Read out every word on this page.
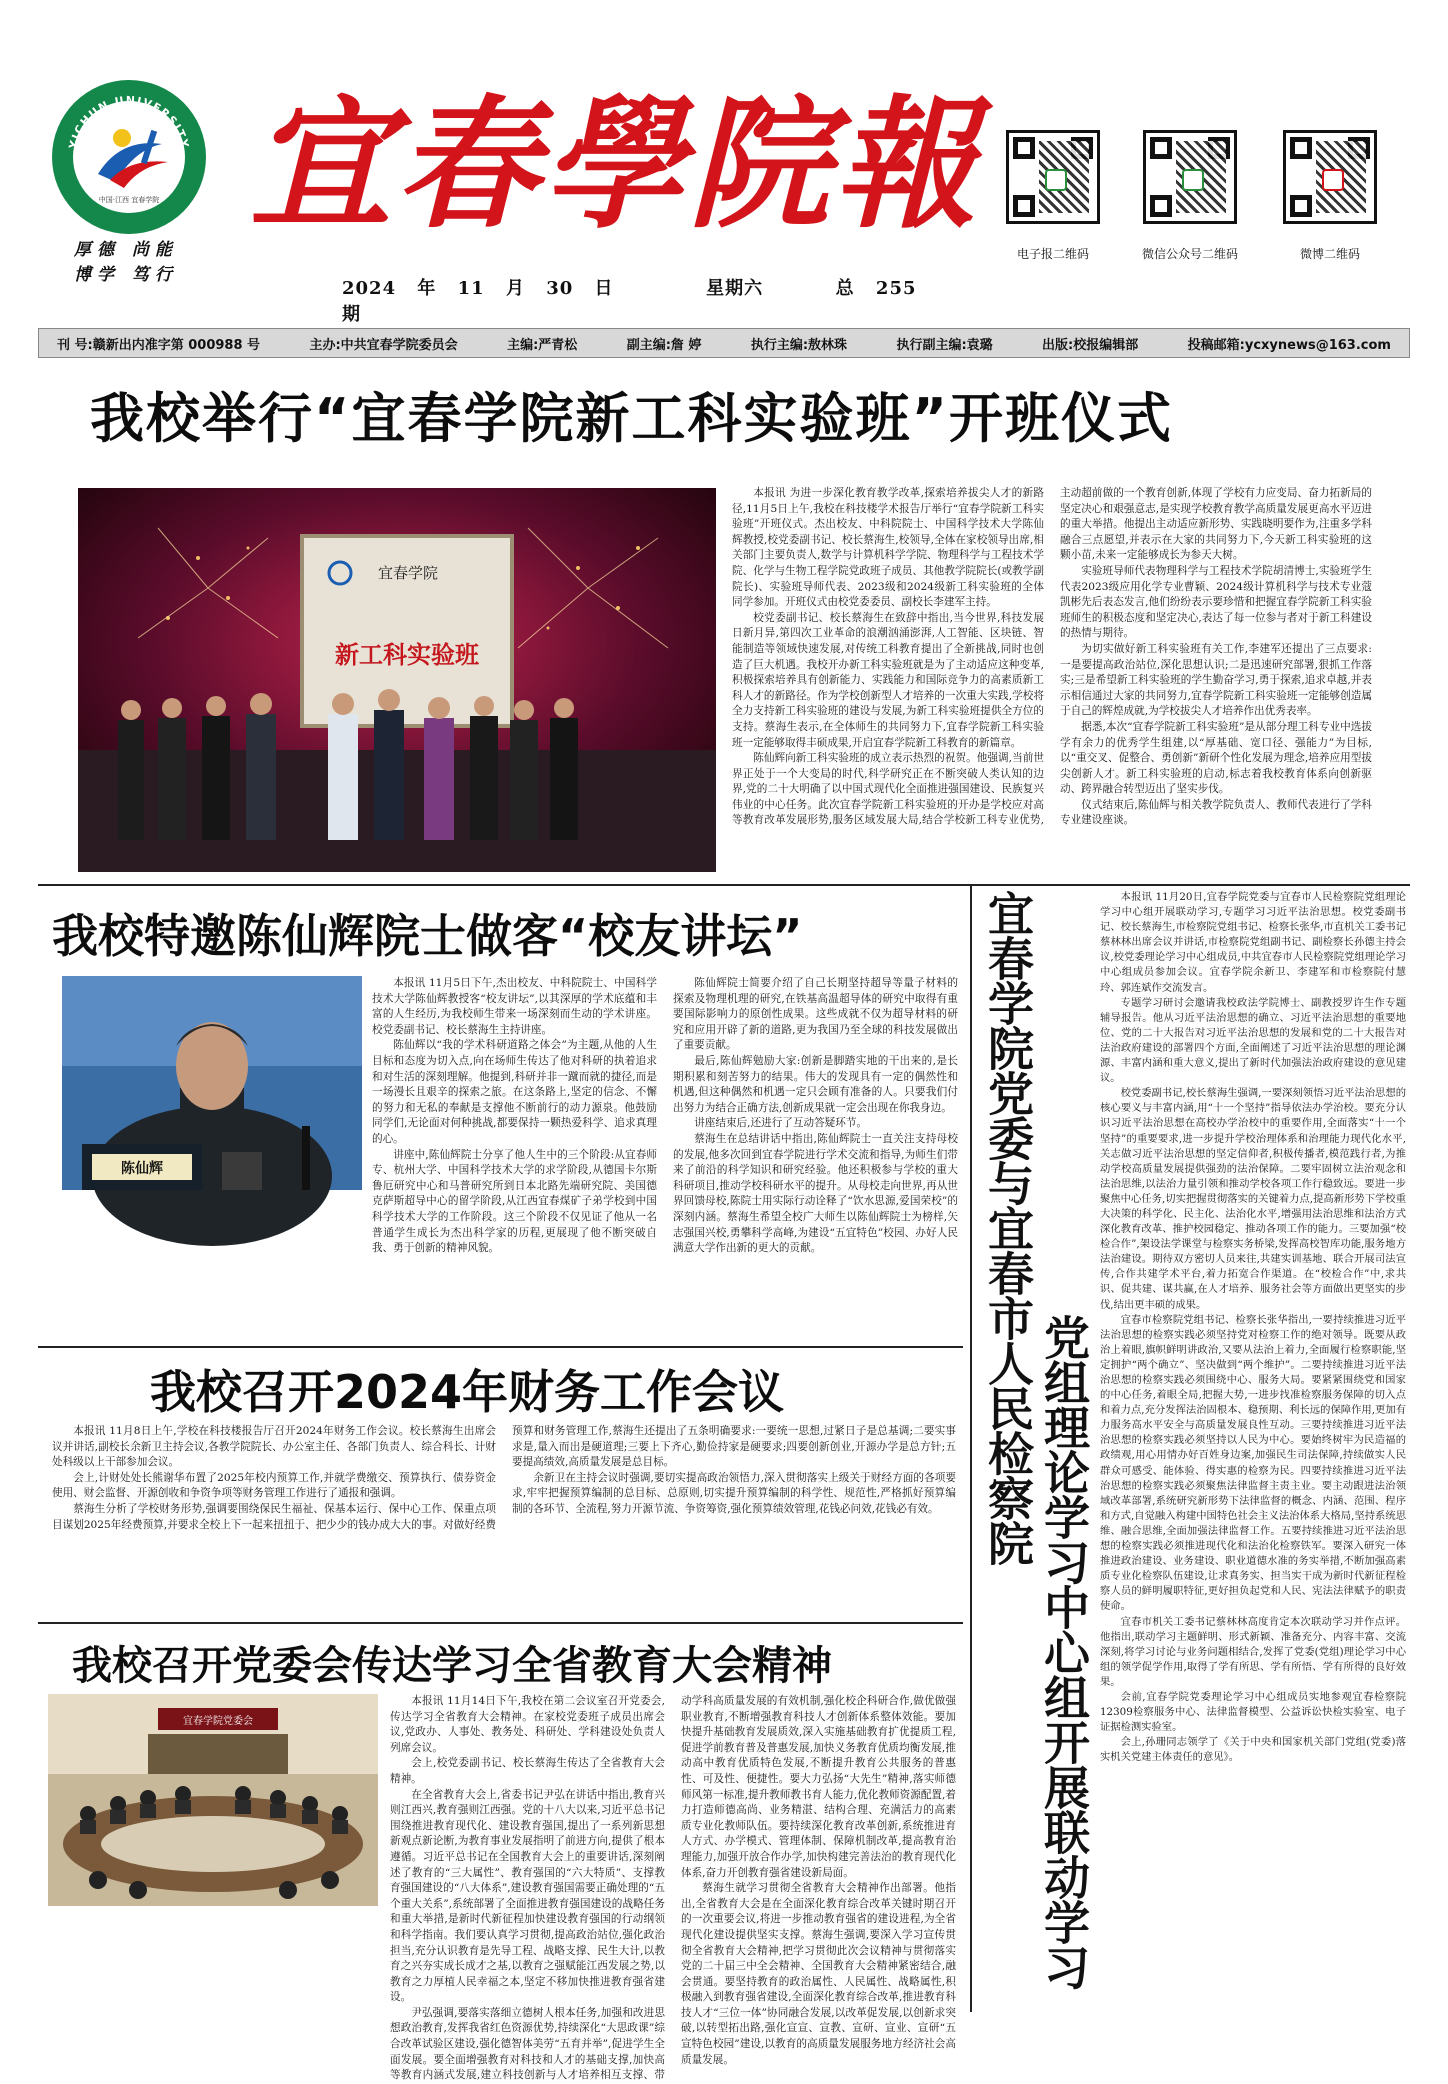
YICHUN UNIVERSITY
中国·江西 宜春学院
厚德 尚能
博学 笃行
宜春學院報
2024 年 11 月 30 日	星期六	总 255 期
电子报二维码	微信公众号二维码	微博二维码
刊 号:赣新出内准字第 000988 号	主办:中共宜春学院委员会	主编:严青松	副主编:詹 婷	执行主编:敖林珠	执行副主编:袁璐	出版:校报编辑部	投稿邮箱:ycxynews@163.com
我校举行“宜春学院新工科实验班”开班仪式
宜春学院
新工科实验班

本报讯 为进一步深化教育教学改革,探索培养拔尖人才的新路径,11月5日上午,我校在科技楼学术报告厅举行“宜春学院新工科实验班”开班仪式。杰出校友、中科院院士、中国科学技术大学陈仙辉教授,校党委副书记、校长蔡海生,校领导,全体在家校领导出席,相关部门主要负责人,数学与计算机科学学院、物理科学与工程技术学院、化学与生物工程学院党政班子成员、其他教学院院长(或教学副院长)、实验班导师代表、2023级和2024级新工科实验班的全体同学参加。开班仪式由校党委委员、副校长李建军主持。

校党委副书记、校长蔡海生在致辞中指出,当今世界,科技发展日新月异,第四次工业革命的浪潮汹涌澎湃,人工智能、区块链、智能制造等领域快速发展,对传统工科教育提出了全新挑战,同时也创造了巨大机遇。我校开办新工科实验班就是为了主动适应这种变革,积极探索培养具有创新能力、实践能力和国际竞争力的高素质新工科人才的新路径。作为学校创新型人才培养的一次重大实践,学校将全力支持新工科实验班的建设与发展,为新工科实验班提供全方位的支持。蔡海生表示,在全体师生的共同努力下,宜春学院新工科实验班一定能够取得丰硕成果,开启宜春学院新工科教育的新篇章。

陈仙辉向新工科实验班的成立表示热烈的祝贺。他强调,当前世界正处于一个大变局的时代,科学研究正在不断突破人类认知的边界,党的二十大明确了以中国式现代化全面推进强国建设、民族复兴伟业的中心任务。此次宜春学院新工科实验班的开办是学校应对高等教育改革发展形势,服务区域发展大局,结合学校新工科专业优势,主动超前做的一个教育创新,体现了学校有力应变局、奋力拓新局的坚定决心和艰强意志,是实现学校教育教学高质量发展更高水平迈进的重大举措。他提出主动适应新形势、实践晓明要作为,注重多学科融合三点愿望,并表示在大家的共同努力下,今天新工科实验班的这颗小苗,未来一定能够成长为参天大树。

实验班导师代表物理科学与工程技术学院胡清博士,实验班学生代表2023级应用化学专业曹颖、2024级计算机科学与技术专业蔻凯彬先后表态发言,他们纷纷表示要珍惜和把握宜春学院新工科实验班师生的积极态度和坚定决心,表达了每一位参与者对于新工科建设的热情与期待。

为切实做好新工科实验班有关工作,李建军还提出了三点要求:一是要提高政治站位,深化思想认识;二是迅速研究部署,狠抓工作落实;三是希望新工科实验班的学生勤奋学习,勇于探索,追求卓越,并表示相信通过大家的共同努力,宜春学院新工科实验班一定能够创造属于自己的辉煌成就,为学校拔尖人才培养作出优秀表率。

据悉,本次“宜春学院新工科实验班”是从部分理工科专业中选拔学有余力的优秀学生组建,以“厚基础、宽口径、强能力”为目标,以“重交叉、促整合、勇创新”新研个性化发展为理念,培养应用型拔尖创新人才。新工科实验班的启动,标志着我校教育体系向创新驱动、跨界融合转型迈出了坚实步伐。

仪式结束后,陈仙辉与相关教学院负责人、教师代表进行了学科专业建设座谈。

我校特邀陈仙辉院士做客“校友讲坛”
陈仙辉

本报讯 11月5日下午,杰出校友、中科院院士、中国科学技术大学陈仙辉教授客“校友讲坛”,以其深厚的学术底蕴和丰富的人生经历,为我校师生带来一场深刻而生动的学术讲座。校党委副书记、校长蔡海生主持讲座。

陈仙辉以“我的学术科研道路之体会”为主题,从他的人生目标和态度为切入点,向在场师生传达了他对科研的执着追求和对生活的深刻理解。他提到,科研并非一蹴而就的捷径,而是一场漫长且艰辛的探索之旅。在这条路上,坚定的信念、不懈的努力和无私的奉献是支撑他不断前行的动力源泉。他鼓励同学们,无论面对何种挑战,都要保持一颗热爱科学、追求真理的心。

讲座中,陈仙辉院士分享了他人生中的三个阶段:从宜春师专、杭州大学、中国科学技术大学的求学阶段,从德国卡尔斯鲁厄研究中心和马普研究所到日本北路先端研究院、美国德克萨斯超导中心的留学阶段,从江西宜春煤矿子弟学校到中国科学技术大学的工作阶段。这三个阶段不仅见证了他从一名普通学生成长为杰出科学家的历程,更展现了他不断突破自我、勇于创新的精神风貌。

陈仙辉院士简要介绍了自己长期坚持超导等量子材料的探索及物理机理的研究,在铁基高温超导体的研究中取得有重要国际影响力的原创性成果。这些成就不仅为超导材料的研究和应用开辟了新的道路,更为我国乃至全球的科技发展做出了重要贡献。

最后,陈仙辉勉励大家:创新是脚踏实地的干出来的,是长期积累和刻苦努力的结果。伟大的发现具有一定的偶然性和机遇,但这种偶然和机遇一定只会顾有准备的人。只要我们付出努力为结合正确方法,创新成果就一定会出现在你我身边。

讲座结束后,还进行了互动答疑环节。

蔡海生在总结讲话中指出,陈仙辉院士一直关注支持母校的发展,他多次回到宜春学院进行学术交流和指导,为师生们带来了前沿的科学知识和研究经验。他还积极参与学校的重大科研项目,推动学校科研水平的提升。从母校走向世界,再从世界回馈母校,陈院士用实际行动诠释了“饮水思源,爱国荣校”的深刻内涵。蔡海生希望全校广大师生以陈仙辉院士为榜样,矢志强国兴校,勇攀科学高峰,为建设“五宜特色”校园、办好人民满意大学作出新的更大的贡献。

我校召开2024年财务工作会议

本报讯 11月8日上午,学校在科技楼报告厅召开2024年财务工作会议。校长蔡海生出席会议并讲话,副校长余新卫主持会议,各教学院院长、办公室主任、各部门负责人、综合科长、计财处科级以上干部参加会议。

会上,计财处处长熊谢华布置了2025年校内预算工作,并就学费缴交、预算执行、债券资金使用、财会监督、开源创收和争资争项等财务管理工作进行了通报和强调。

蔡海生分析了学校财务形势,强调要围绕保民生福祉、保基本运行、保中心工作、保重点项目谋划2025年经费预算,并要求全校上下一起来扭扭于、把少少的钱办成大大的事。对做好经费预算和财务管理工作,蔡海生还提出了五条明确要求:一要统一思想,过紧日子是总基调;二要实事求是,量入而出是硬道理;三要上下齐心,勤俭持家是硬要求;四要创新创业,开源办学是总方针;五要提高绩效,高质量发展是总目标。

余新卫在主持会议时强调,要切实提高政治领悟力,深入贯彻落实上级关于财经方面的各项要求,牢牢把握预算编制的总目标、总原则,切实提升预算编制的科学性、规范性,严格抓好预算编制的各环节、全流程,努力开源节流、争资筹资,强化预算绩效管理,花钱必问效,花钱必有效。

我校召开党委会传达学习全省教育大会精神
宜春学院党委会

本报讯 11月14日下午,我校在第二会议室召开党委会,传达学习全省教育大会精神。在家校党委班子成员出席会议,党政办、人事处、教务处、科研处、学科建设处负责人列席会议。

会上,校党委副书记、校长蔡海生传达了全省教育大会精神。

在全省教育大会上,省委书记尹弘在讲话中指出,教育兴则江西兴,教育强则江西强。党的十八大以来,习近平总书记围绕推进教育现代化、建设教育强国,提出了一系列新思想新观点新论断,为教育事业发展指明了前进方向,提供了根本遵循。习近平总书记在全国教育大会上的重要讲话,深刻阐述了教育的“三大属性”、教育强国的“六大特质”、支撑教育强国建设的“八大体系”,建设教育强国需要正确处理的“五个重大关系”,系统部署了全面推进教育强国建设的战略任务和重大举措,是新时代新征程加快建设教育强国的行动纲领和科学指南。我们要认真学习贯彻,提高政治站位,强化政治担当,充分认识教育是先导工程、战略支撑、民生大计,以教育之兴夯实成长成才之基,以教育之强赋能江西发展之势,以教育之力厚植人民幸福之本,坚定不移加快推进教育强省建设。

尹弘强调,要落实落细立德树人根本任务,加强和改进思想政治教育,发挥我省红色资源优势,持续深化“大思政课”综合改革试验区建设,强化德智体美劳“五育并举”,促进学生全面发展。要全面增强教育对科技和人才的基础支撑,加快高等教育内涵式发展,建立科技创新与人才培养相互支撑、带动学科高质量发展的有效机制,强化校企科研合作,做优做强职业教育,不断增强教育科技人才创新体系整体效能。要加快提升基础教育发展质效,深入实施基础教育扩优提质工程,促进学前教育普及普惠发展,加快义务教育优质均衡发展,推动高中教育优质特色发展,不断提升教育公共服务的普惠性、可及性、便捷性。要大力弘扬“大先生”精神,落实师德师风第一标准,提升教师教书育人能力,优化教师资源配置,着力打造师德高尚、业务精湛、结构合理、充满活力的高素质专业化教师队伍。要持续深化教育改革创新,系统推进育人方式、办学模式、管理体制、保障机制改革,提高教育治理能力,加强开放合作办学,加快构建完善法治的教育现代化体系,奋力开创教育强省建设新局面。

蔡海生就学习贯彻全省教育大会精神作出部署。他指出,全省教育大会是在全面深化教育综合改革关键时期召开的一次重要会议,将进一步推动教育强省的建设进程,为全省现代化建设提供坚实支撑。蔡海生强调,要深入学习宣传贯彻全省教育大会精神,把学习贯彻此次会议精神与贯彻落实党的二十届三中全会精神、全国教育大会精神紧密结合,融会贯通。要坚持教育的政治属性、人民属性、战略属性,积极融入到教育强省建设,全面深化教育综合改革,推进教育科技人才“三位一体”协同融合发展,以改革促发展,以创新求突破,以转型拓出路,强化宣宣、宣教、宣研、宣业、宣研“五宣特色校园”建设,以教育的高质量发展服务地方经济社会高质量发展。

宜春学院党委与宜春市人民检察院
党组理论学习中心组开展联动学习

本报讯 11月20日,宜春学院党委与宜春市人民检察院党组理论学习中心组开展联动学习,专题学习习近平法治思想。校党委副书记、校长蔡海生,市检察院党组书记、检察长张华,市直机关工委书记蔡林林出席会议并讲话,市检察院党组副书记、副检察长孙德主持会议,校党委理论学习中心组成员,中共宜春市人民检察院党组理论学习中心组成员参加会议。宜春学院余新卫、李建军和市检察院付慧玲、郭连斌作交流发言。

专题学习研讨会邀请我校政法学院博士、副教授罗许生作专题辅导报告。他从习近平法治思想的确立、习近平法治思想的重要地位、党的二十大报告对习近平法治思想的发展和党的二十大报告对法治政府建设的部署四个方面,全面阐述了习近平法治思想的理论渊源、丰富内涵和重大意义,提出了新时代加强法治政府建设的意见建议。

校党委副书记,校长蔡海生强调,一要深刻领悟习近平法治思想的核心要义与丰富内涵,用“十一个坚持”指导依法办学治校。要充分认识习近平法治思想在高校办学治校中的重要作用,全面落实“十一个坚持”的重要要求,进一步提升学校治理体系和治理能力现代化水平,关志做习近平法治思想的坚定信仰者,积极传播者,模范践行者,为推动学校高质量发展提供强劲的法治保障。二要牢固树立法治观念和法治思维,以法治力量引领和推动学校各项工作行稳致远。要进一步聚焦中心任务,切实把握贯彻落实的关键着力点,提高新形势下学校重大决策的科学化、民主化、法治化水平,增强用法治思维和法治方式深化教育改革、推护校园稳定、推动各项工作的能力。三要加强“校检合作”,架设法学课堂与检察实务桥梁,发挥高校智库功能,服务地方法治建设。期待双方密切人员来往,共建实训基地、联合开展司法宣传,合作共建学术平台,着力拓宽合作渠道。在“校检合作”中,求共识、促共建、谋共赢,在人才培养、服务社会等方面做出更坚实的步伐,结出更丰硕的成果。

宜春市检察院党组书记、检察长张华指出,一要持续推进习近平法治思想的检察实践必须坚持党对检察工作的绝对领导。既要从政治上着眼,旗帜鲜明讲政治,又要从法治上着力,全面履行检察职能,坚定拥护“两个确立”、坚决做到“两个维护”。二要持续推进习近平法治思想的检察实践必须围绕中心、服务大局。要紧紧围绕党和国家的中心任务,着眼全局,把握大势,一进步找准检察服务保障的切入点和着力点,充分发挥法治固根本、稳预期、利长远的保障作用,更加有力服务高水平安全与高质量发展良性互动。三要持续推进习近平法治思想的检察实践必须坚持以人民为中心。要始终树牢为民造福的政绩观,用心用情办好百姓身边案,加强民生司法保障,持续做实人民群众可感受、能体验、得实惠的检察为民。四要持续推进习近平法治思想的检察实践必须聚焦法律监督主责主业。要主动跟进法治领域改革部署,系统研究新形势下法律监督的概念、内涵、范围、程序和方式,自觉融入构建中国特色社会主义法治体系大格局,坚持系统思维、融合思维,全面加强法律监督工作。五要持续推进习近平法治思想的检察实践必须推进现代化和法治化检察铁军。要深入研究一体推进政治建设、业务建设、职业道德水准的务实举措,不断加强高素质专业化检察队伍建设,让求真务实、担当实干成为新时代新征程检察人员的鲜明履职特征,更好担负起党和人民、宪法法律赋予的职责使命。

宜春市机关工委书记蔡林林高度肯定本次联动学习并作点评。他指出,联动学习主题鲜明、形式新颖、准备充分、内容丰富、交流深刻,将学习讨论与业务问题相结合,发挥了党委(党组)理论学习中心组的领学促学作用,取得了学有所思、学有所悟、学有所得的良好效果。

会前,宜春学院党委理论学习中心组成员实地参观宜春检察院12309检察服务中心、法律监督模型、公益诉讼快检实验室、电子证据检测实验室。

会上,孙珊同志领学了《关于中央和国家机关部门党组(党委)落实机关党建主体责任的意见》。
